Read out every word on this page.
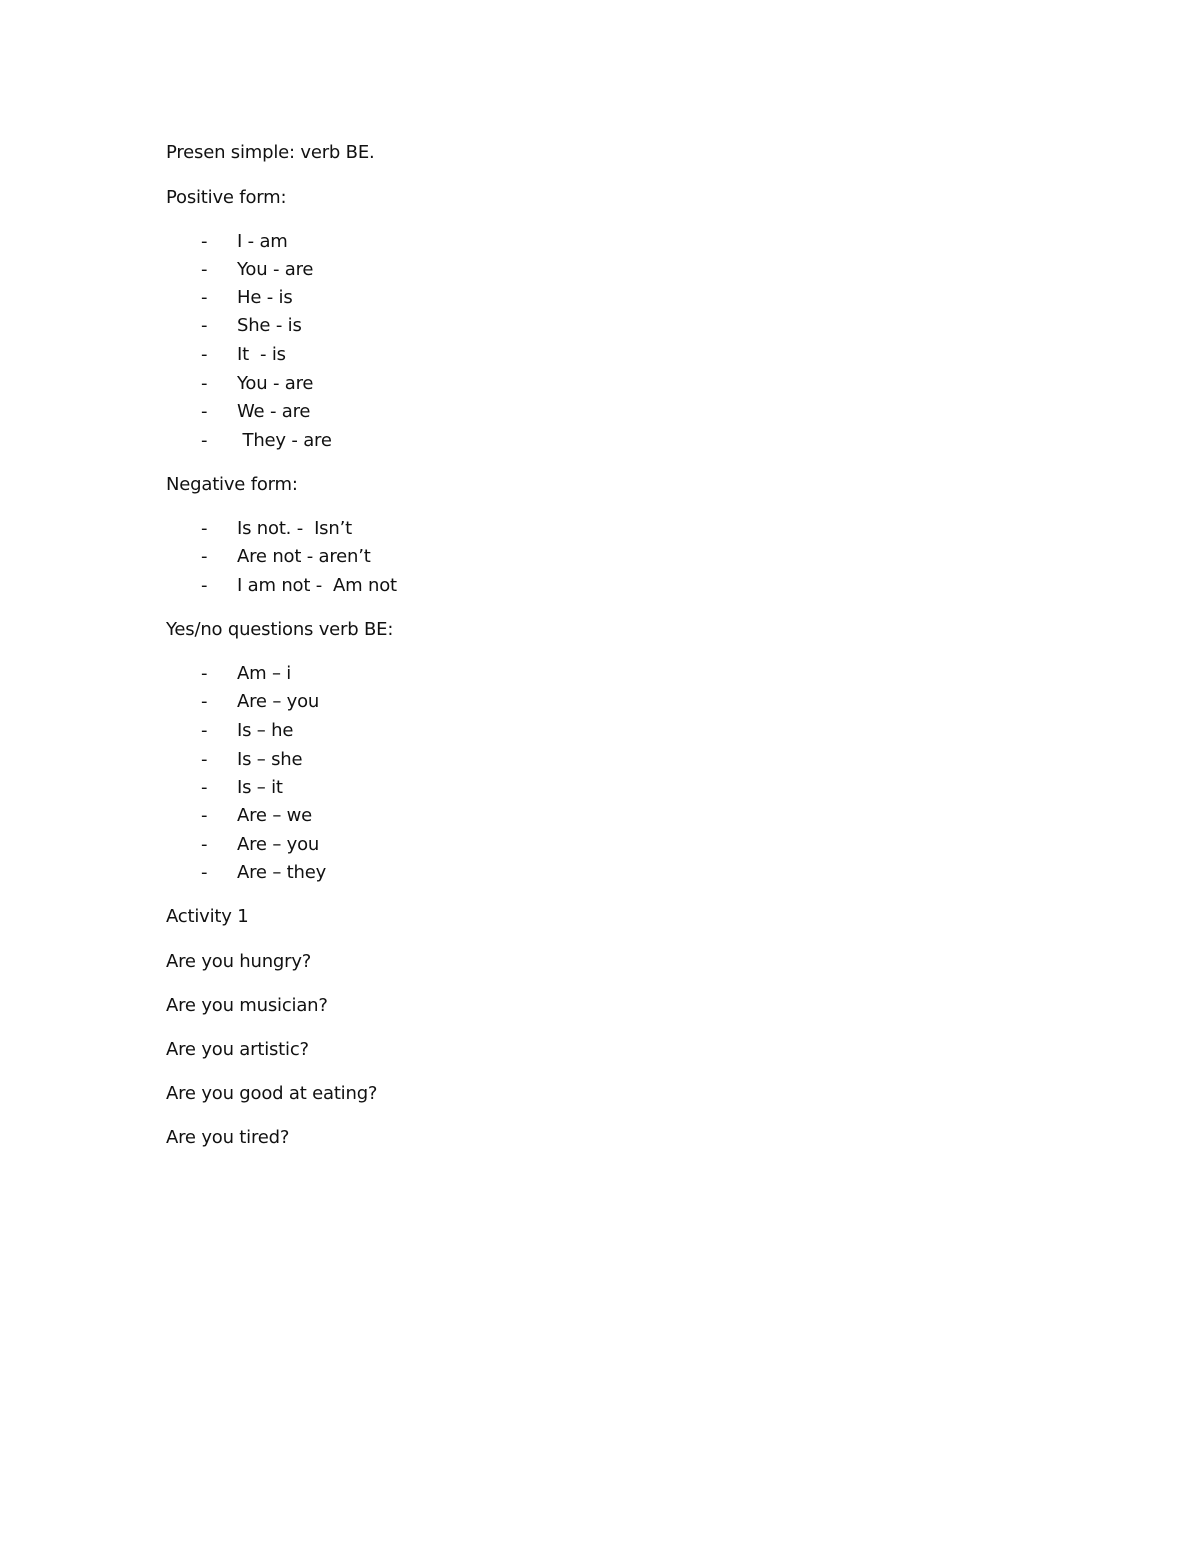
Presen simple: verb BE.
Positive form:
- I - am
- You - are
- He - is
- She - is
- It  - is
- You - are
- We - are
- They - are
Negative form:
- Is not. -  Isn’t
- Are not - aren’t
- I am not -  Am not
Yes/no questions verb BE:
- Am – i
- Are – you
- Is – he
- Is – she
- Is – it
- Are – we
- Are – you
- Are – they
Activity 1
Are you hungry?
Are you musician?
Are you artistic?
Are you good at eating?
Are you tired?
